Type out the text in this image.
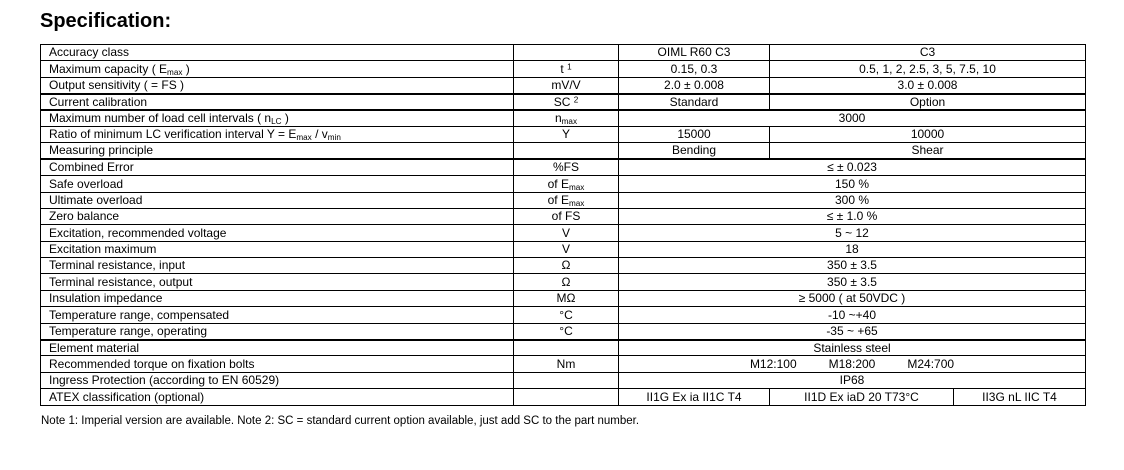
Specification:
Accuracy class		OIML R60 C3	C3	
Maximum capacity ( $E_{max}$ )	t $^1$	0.15, 0.3	0.5, 1, 2, 2.5, 3, 5, 7.5, 10	
Output sensitivity ( = FS )	mV/V	2.0 ± 0.008	3.0 ± 0.008	
Current calibration	SC $^2$	Standard	Option	
Maximum number of load cell intervals ( $n_{LC}$ )	$n_{max}$	3000		
Ratio of minimum LC verification interval $Y = E_{max} / v_{min}$	Y	15000	10000	
Measuring principle		Bending	Shear	
Combined Error	%FS	≤ ± 0.023		
Safe overload	of $E_{max}$	150 %		
Ultimate overload	of $E_{max}$	300 %		
Zero balance	of FS	≤ ± 1.0 %		
Excitation, recommended voltage	V	5 ~ 12		
Excitation maximum	V	18		
Terminal resistance, input	Ω	350 ± 3.5		
Terminal resistance, output	Ω	350 ± 3.5		
Insulation impedance	MΩ	≥ 5000 ( at 50VDC )		
Temperature range, compensated	°C	-10 ~+40		
Temperature range, operating	°C	-35 ~ +65		
Element material		Stainless steel		
Recommended torque on fixation bolts	Nm	M12:100 M18:200 M24:700		
Ingress Protection (according to EN 60529)		IP68		
ATEX classification (optional)		II1G Ex ia II1C T4	II1D Ex iaD 20 T73°C	II3G nL IIC T4
Note 1: Imperial version are available. Note 2: SC = standard current option available, just add SC to the part number.
